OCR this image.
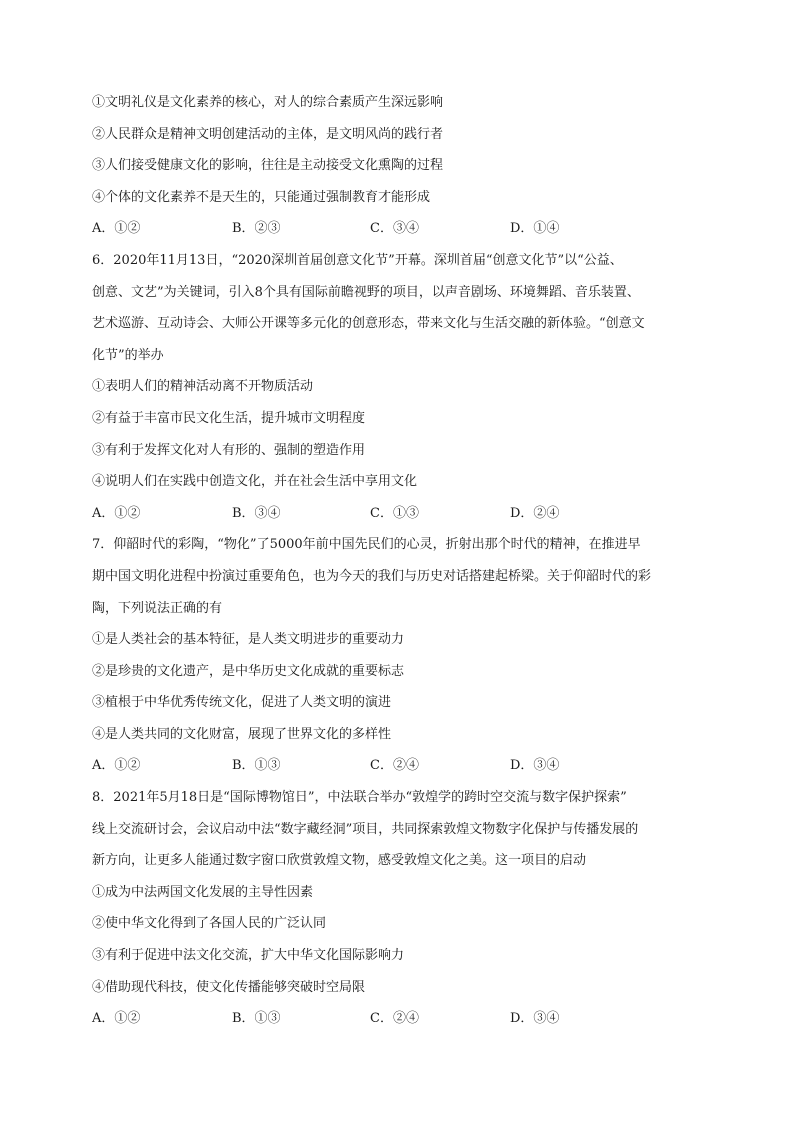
①文明礼仪是文化素养的核心，对人的综合素质产生深远影响
②人民群众是精神文明创建活动的主体，是文明风尚的践行者
③人们接受健康文化的影响，往往是主动接受文化熏陶的过程
④个体的文化素养不是天生的，只能通过强制教育才能形成
A．①②	B．②③	C．③④	D．①④
6．2020年11月13日，“2020深圳首届创意文化节”开幕。深圳首届“创意文化节”以“公益、
创意、文艺”为关键词，引入8个具有国际前瞻视野的项目，以声音剧场、环境舞蹈、音乐装置、
艺术巡游、互动诗会、大师公开课等多元化的创意形态，带来文化与生活交融的新体验。“创意文
化节”的举办
①表明人们的精神活动离不开物质活动
②有益于丰富市民文化生活，提升城市文明程度
③有利于发挥文化对人有形的、强制的塑造作用
④说明人们在实践中创造文化，并在社会生活中享用文化
A．①②	B．③④	C．①③	D．②④
7．仰韶时代的彩陶，“物化”了5000年前中国先民们的心灵，折射出那个时代的精神，在推进早
期中国文明化进程中扮演过重要角色，也为今天的我们与历史对话搭建起桥梁。关于仰韶时代的彩
陶，下列说法正确的有
①是人类社会的基本特征，是人类文明进步的重要动力
②是珍贵的文化遗产，是中华历史文化成就的重要标志
③植根于中华优秀传统文化，促进了人类文明的演进
④是人类共同的文化财富，展现了世界文化的多样性
A．①②	B．①③	C．②④	D．③④
8．2021年5月18日是“国际博物馆日”，中法联合举办“敦煌学的跨时空交流与数字保护探索”
线上交流研讨会，会议启动中法“数字藏经洞”项目，共同探索敦煌文物数字化保护与传播发展的
新方向，让更多人能通过数字窗口欣赏敦煌文物，感受敦煌文化之美。这一项目的启动
①成为中法两国文化发展的主导性因素
②使中华文化得到了各国人民的广泛认同
③有利于促进中法文化交流，扩大中华文化国际影响力
④借助现代科技，使文化传播能够突破时空局限
A．①②	B．①③	C．②④	D．③④
